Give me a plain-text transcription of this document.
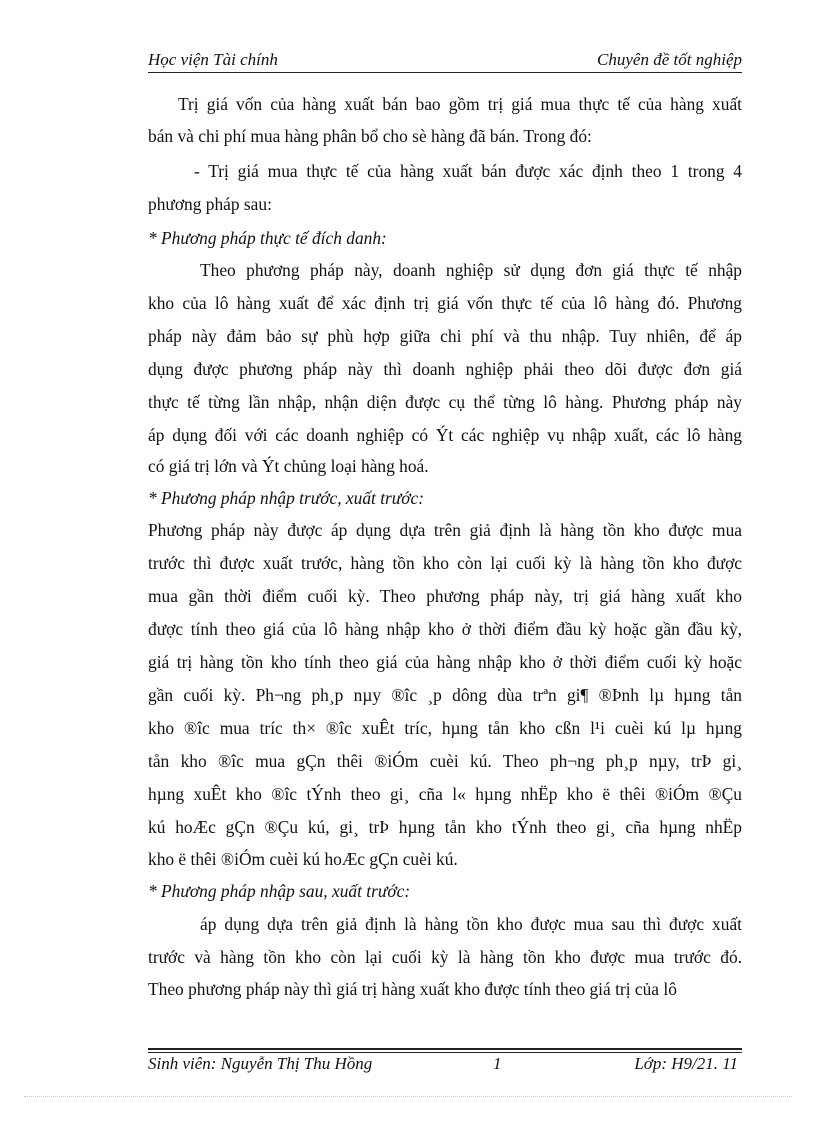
Học viện Tài chính	Chuyên đề tốt nghiệp
Trị giá vốn của hàng xuất bán bao gồm trị giá mua thực tế của hàng xuất
bán và chi phí mua hàng phân bổ cho sè hàng đã bán. Trong đó:
- Trị giá mua thực tế của hàng xuất bán được xác định theo 1 trong 4
phương pháp sau:
* Phương pháp thực tế đích danh:
Theo phương pháp này, doanh nghiệp sử dụng đơn giá thực tế nhập
kho của lô hàng xuất để xác định trị giá vốn thực tế của lô hàng đó. Phương
pháp này đảm bảo sự phù hợp giữa chi phí và thu nhập. Tuy nhiên, để áp
dụng được phương pháp này thì doanh nghiệp phải theo dõi được đơn giá
thực tế từng lần nhập, nhận diện được cụ thể từng lô hàng. Phương pháp này
áp dụng đối với các doanh nghiệp có Ýt các nghiệp vụ nhập xuất, các lô hàng
có giá trị lớn và Ýt chủng loại hàng hoá.
* Phương pháp nhập trước, xuất trước:
Phương pháp này được áp dụng dựa trên giả định là hàng tồn kho được mua
trước thì được xuất trước, hàng tồn kho còn lại cuối kỳ là hàng tồn kho được
mua gần thời điểm cuối kỳ. Theo phương pháp này, trị giá hàng xuất kho
được tính theo giá của lô hàng nhập kho ở thời điểm đầu kỳ hoặc gần đầu kỳ,
giá trị hàng tồn kho tính theo giá của hàng nhập kho ở thời điểm cuối kỳ hoặc
gần cuối kỳ. Ph¬ng ph¸p nµy ®îc ¸p dông dùa trªn gi¶ ®Þnh lµ hµng tån
kho ®îc mua tríc th× ®îc xuÊt tríc, hµng tån kho cßn l¹i cuèi kú lµ hµng
tån kho ®îc mua gÇn thêi ®iÓm cuèi kú. Theo ph¬ng ph¸p nµy, trÞ gi¸
hµng xuÊt kho ®îc tÝnh theo gi¸ cña l« hµng nhËp kho ë thêi ®iÓm ®Çu
kú hoÆc gÇn ®Çu kú, gi¸ trÞ hµng tån kho tÝnh theo gi¸ cña hµng nhËp
kho ë thêi ®iÓm cuèi kú hoÆc gÇn cuèi kú.
* Phương pháp nhập sau, xuất trước:
áp dụng dựa trên giả định là hàng tồn kho được mua sau thì được xuất
trước và hàng tồn kho còn lại cuối kỳ là hàng tồn kho được mua trước đó.
Theo phương pháp này thì giá trị hàng xuất kho được tính theo giá trị của lô
Sinh viên: Nguyễn Thị Thu Hồng	1	Lớp: H9/21. 11
